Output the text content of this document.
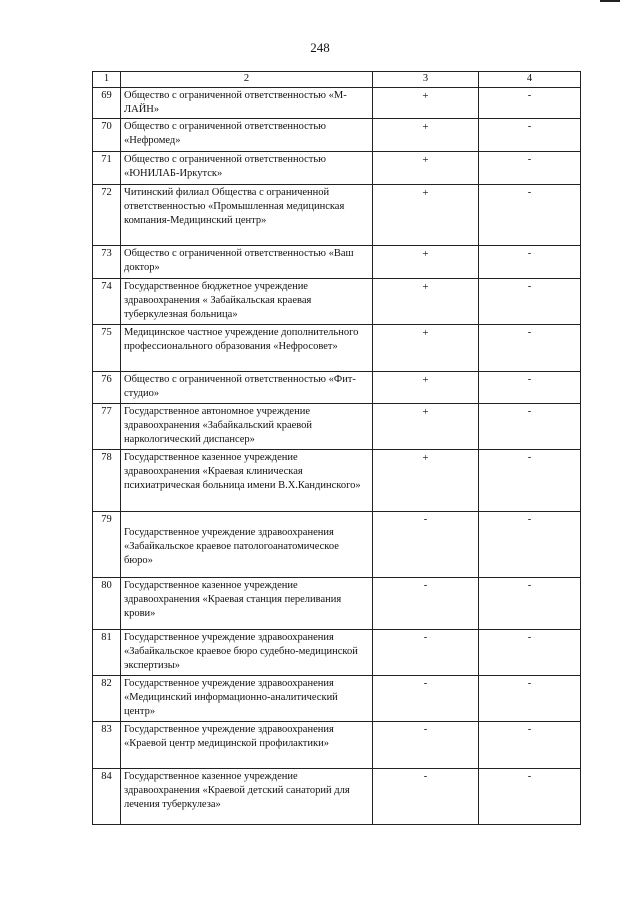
248
1	2	3	4
69	Общество с ограниченной ответственностью «М-ЛАЙН»	+	-
70	Общество с ограниченной ответственностью «Нефромед»	+	-
71	Общество с ограниченной ответственностью «ЮНИЛАБ-Иркутск»	+	-
72	Читинский филиал Общества с ограниченной ответственностью «Промышленная медицинская компания-Медицинский центр»	+	-
73	Общество с ограниченной ответственностью «Ваш доктор»	+	-
74	Государственное бюджетное учреждение здравоохранения « Забайкальская краевая туберкулезная больница»	+	-
75	Медицинское частное учреждение дополнительного профессионального образования «Нефросовет»	+	-
76	Общество с ограниченной ответственностью «Фит-студио»	+	-
77	Государственное автономное учреждение здравоохранения «Забайкальский краевой наркологический диспансер»	+	-
78	Государственное казенное учреждение здравоохранения «Краевая клиническая психиатрическая больница имени В.Х.Кандинского»	+	-
79	Государственное учреждение здравоохранения «Забайкальское краевое патологоанатомическое бюро»	-	-
80	Государственное казенное учреждение здравоохранения «Краевая станция переливания крови»	-	-
81	Государственное учреждение здравоохранения «Забайкальское краевое бюро судебно-медицинской экспертизы»	-	-
82	Государственное учреждение здравоохранения «Медицинский информационно-аналитический центр»	-	-
83	Государственное учреждение здравоохранения «Краевой центр медицинской профилактики»	-	-
84	Государственное казенное учреждение здравоохранения «Краевой детский санаторий для лечения туберкулеза»	-	-
